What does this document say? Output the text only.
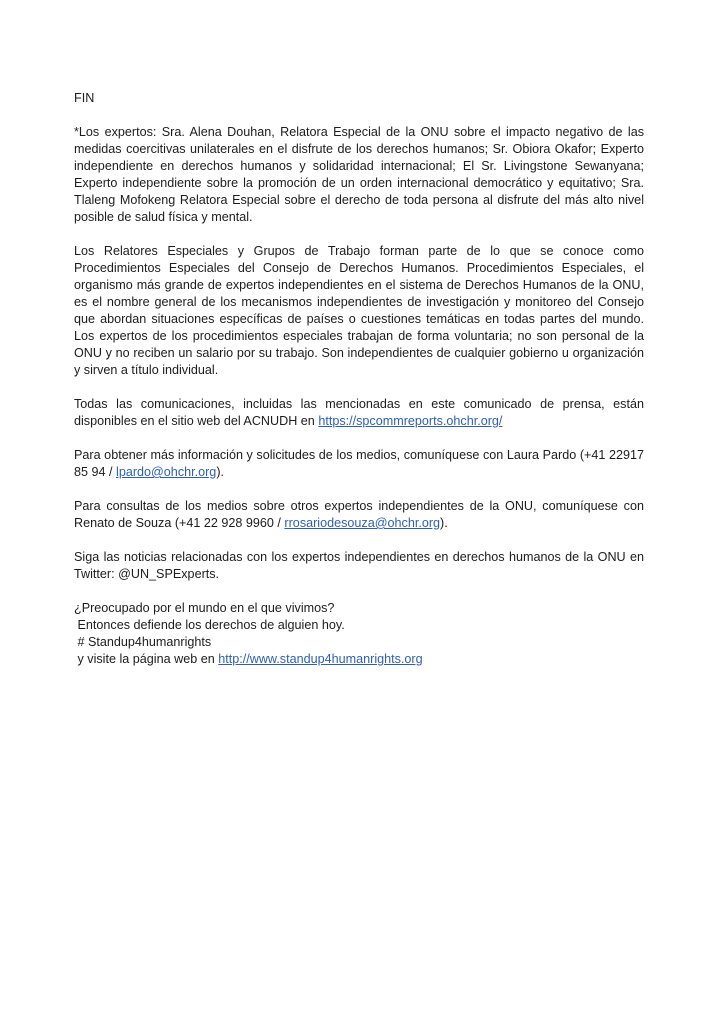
FIN

*Los expertos: Sra. Alena Douhan, Relatora Especial de la ONU sobre el impacto negativo de las medidas coercitivas unilaterales en el disfrute de los derechos humanos; Sr. Obiora Okafor; Experto independiente en derechos humanos y solidaridad internacional; El Sr. Livingstone Sewanyana; Experto independiente sobre la promoción de un orden internacional democrático y equitativo; Sra. Tlaleng Mofokeng Relatora Especial sobre el derecho de toda persona al disfrute del más alto nivel posible de salud física y mental.

Los Relatores Especiales y Grupos de Trabajo forman parte de lo que se conoce como Procedimientos Especiales del Consejo de Derechos Humanos. Procedimientos Especiales, el organismo más grande de expertos independientes en el sistema de Derechos Humanos de la ONU, es el nombre general de los mecanismos independientes de investigación y monitoreo del Consejo que abordan situaciones específicas de países o cuestiones temáticas en todas partes del mundo. Los expertos de los procedimientos especiales trabajan de forma voluntaria; no son personal de la ONU y no reciben un salario por su trabajo. Son independientes de cualquier gobierno u organización y sirven a título individual.

Todas las comunicaciones, incluidas las mencionadas en este comunicado de prensa, están disponibles en el sitio web del ACNUDH en https://spcommreports.ohchr.org/

Para obtener más información y solicitudes de los medios, comuníquese con Laura Pardo (+41 22917 85 94 / lpardo@ohchr.org).

Para consultas de los medios sobre otros expertos independientes de la ONU, comuníquese con Renato de Souza (+41 22 928 9960 / rrosariodesouza@ohchr.org).

Siga las noticias relacionadas con los expertos independientes en derechos humanos de la ONU en Twitter: @UN_SPExperts.

¿Preocupado por el mundo en el que vivimos?
Entonces defiende los derechos de alguien hoy.
# Standup4humanrights
y visite la página web en http://www.standup4humanrights.org
